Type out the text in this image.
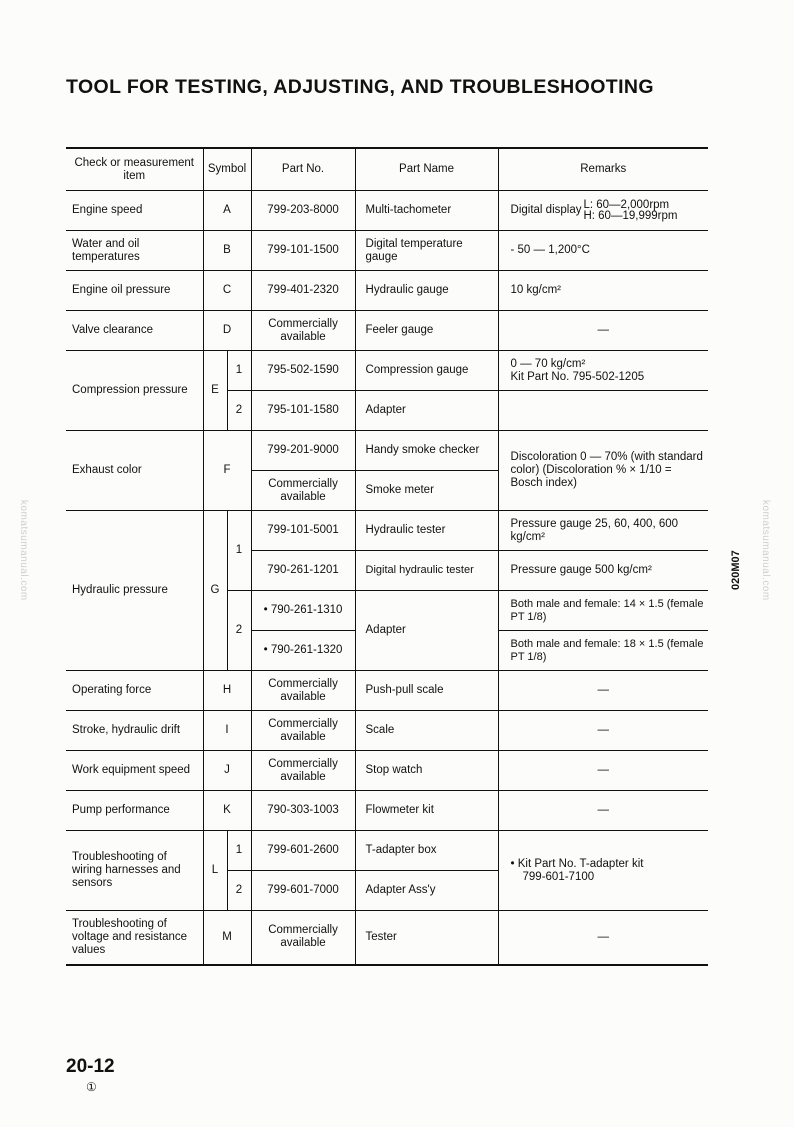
TOOL FOR TESTING, ADJUSTING, AND TROUBLESHOOTING
Check or measurement item	Symbol		Part No.	Part Name	Remarks
Engine speed	A		799-203-8000	Multi-tachometer	Digital display L: 60—2,000rpm
H: 60—19,999rpm

Water and oil temperatures	B		799-101-1500	Digital temperature gauge	- 50 — 1,200°C
Engine oil pressure	C		799-401-2320	Hydraulic gauge	10 kg/cm²
Valve clearance	D		Commercially available	Feeler gauge	—
Compression pressure	E	1	795-502-1590	Compression gauge	0 — 70 kg/cm²
Kit Part No. 795-502-1205
		2	795-101-1580	Adapter	
Exhaust color	F		799-201-9000	Handy smoke checker	Discoloration 0 — 70% (with standard color) (Discoloration % × 1/10 = Bosch index)
			Commercially available	Smoke meter	
Hydraulic pressure	G	1	799-101-5001	Hydraulic tester	Pressure gauge 25, 60, 400, 600 kg/cm²
			790-261-1201	Digital hydraulic tester	Pressure gauge 500 kg/cm²
		2	• 790-261-1310	Adapter	Both male and female: 14 × 1.5 (female PT 1/8)
			• 790-261-1320		Both male and female: 18 × 1.5 (female PT 1/8)
Operating force	H		Commercially available	Push-pull scale	—
Stroke, hydraulic drift	I		Commercially available	Scale	—
Work equipment speed	J		Commercially available	Stop watch	—
Pump performance	K		790-303-1003	Flowmeter kit	—
Troubleshooting of wiring harnesses and sensors	L	1	799-601-2600	T-adapter box	• Kit Part No. T-adapter kit
799-601-7100
		2	799-601-7000	Adapter Ass'y	
Troubleshooting of voltage and resistance values	M		Commercially available	Tester	—
komatsumanual.com	komatsumanual.com
020M07
20-12
①
